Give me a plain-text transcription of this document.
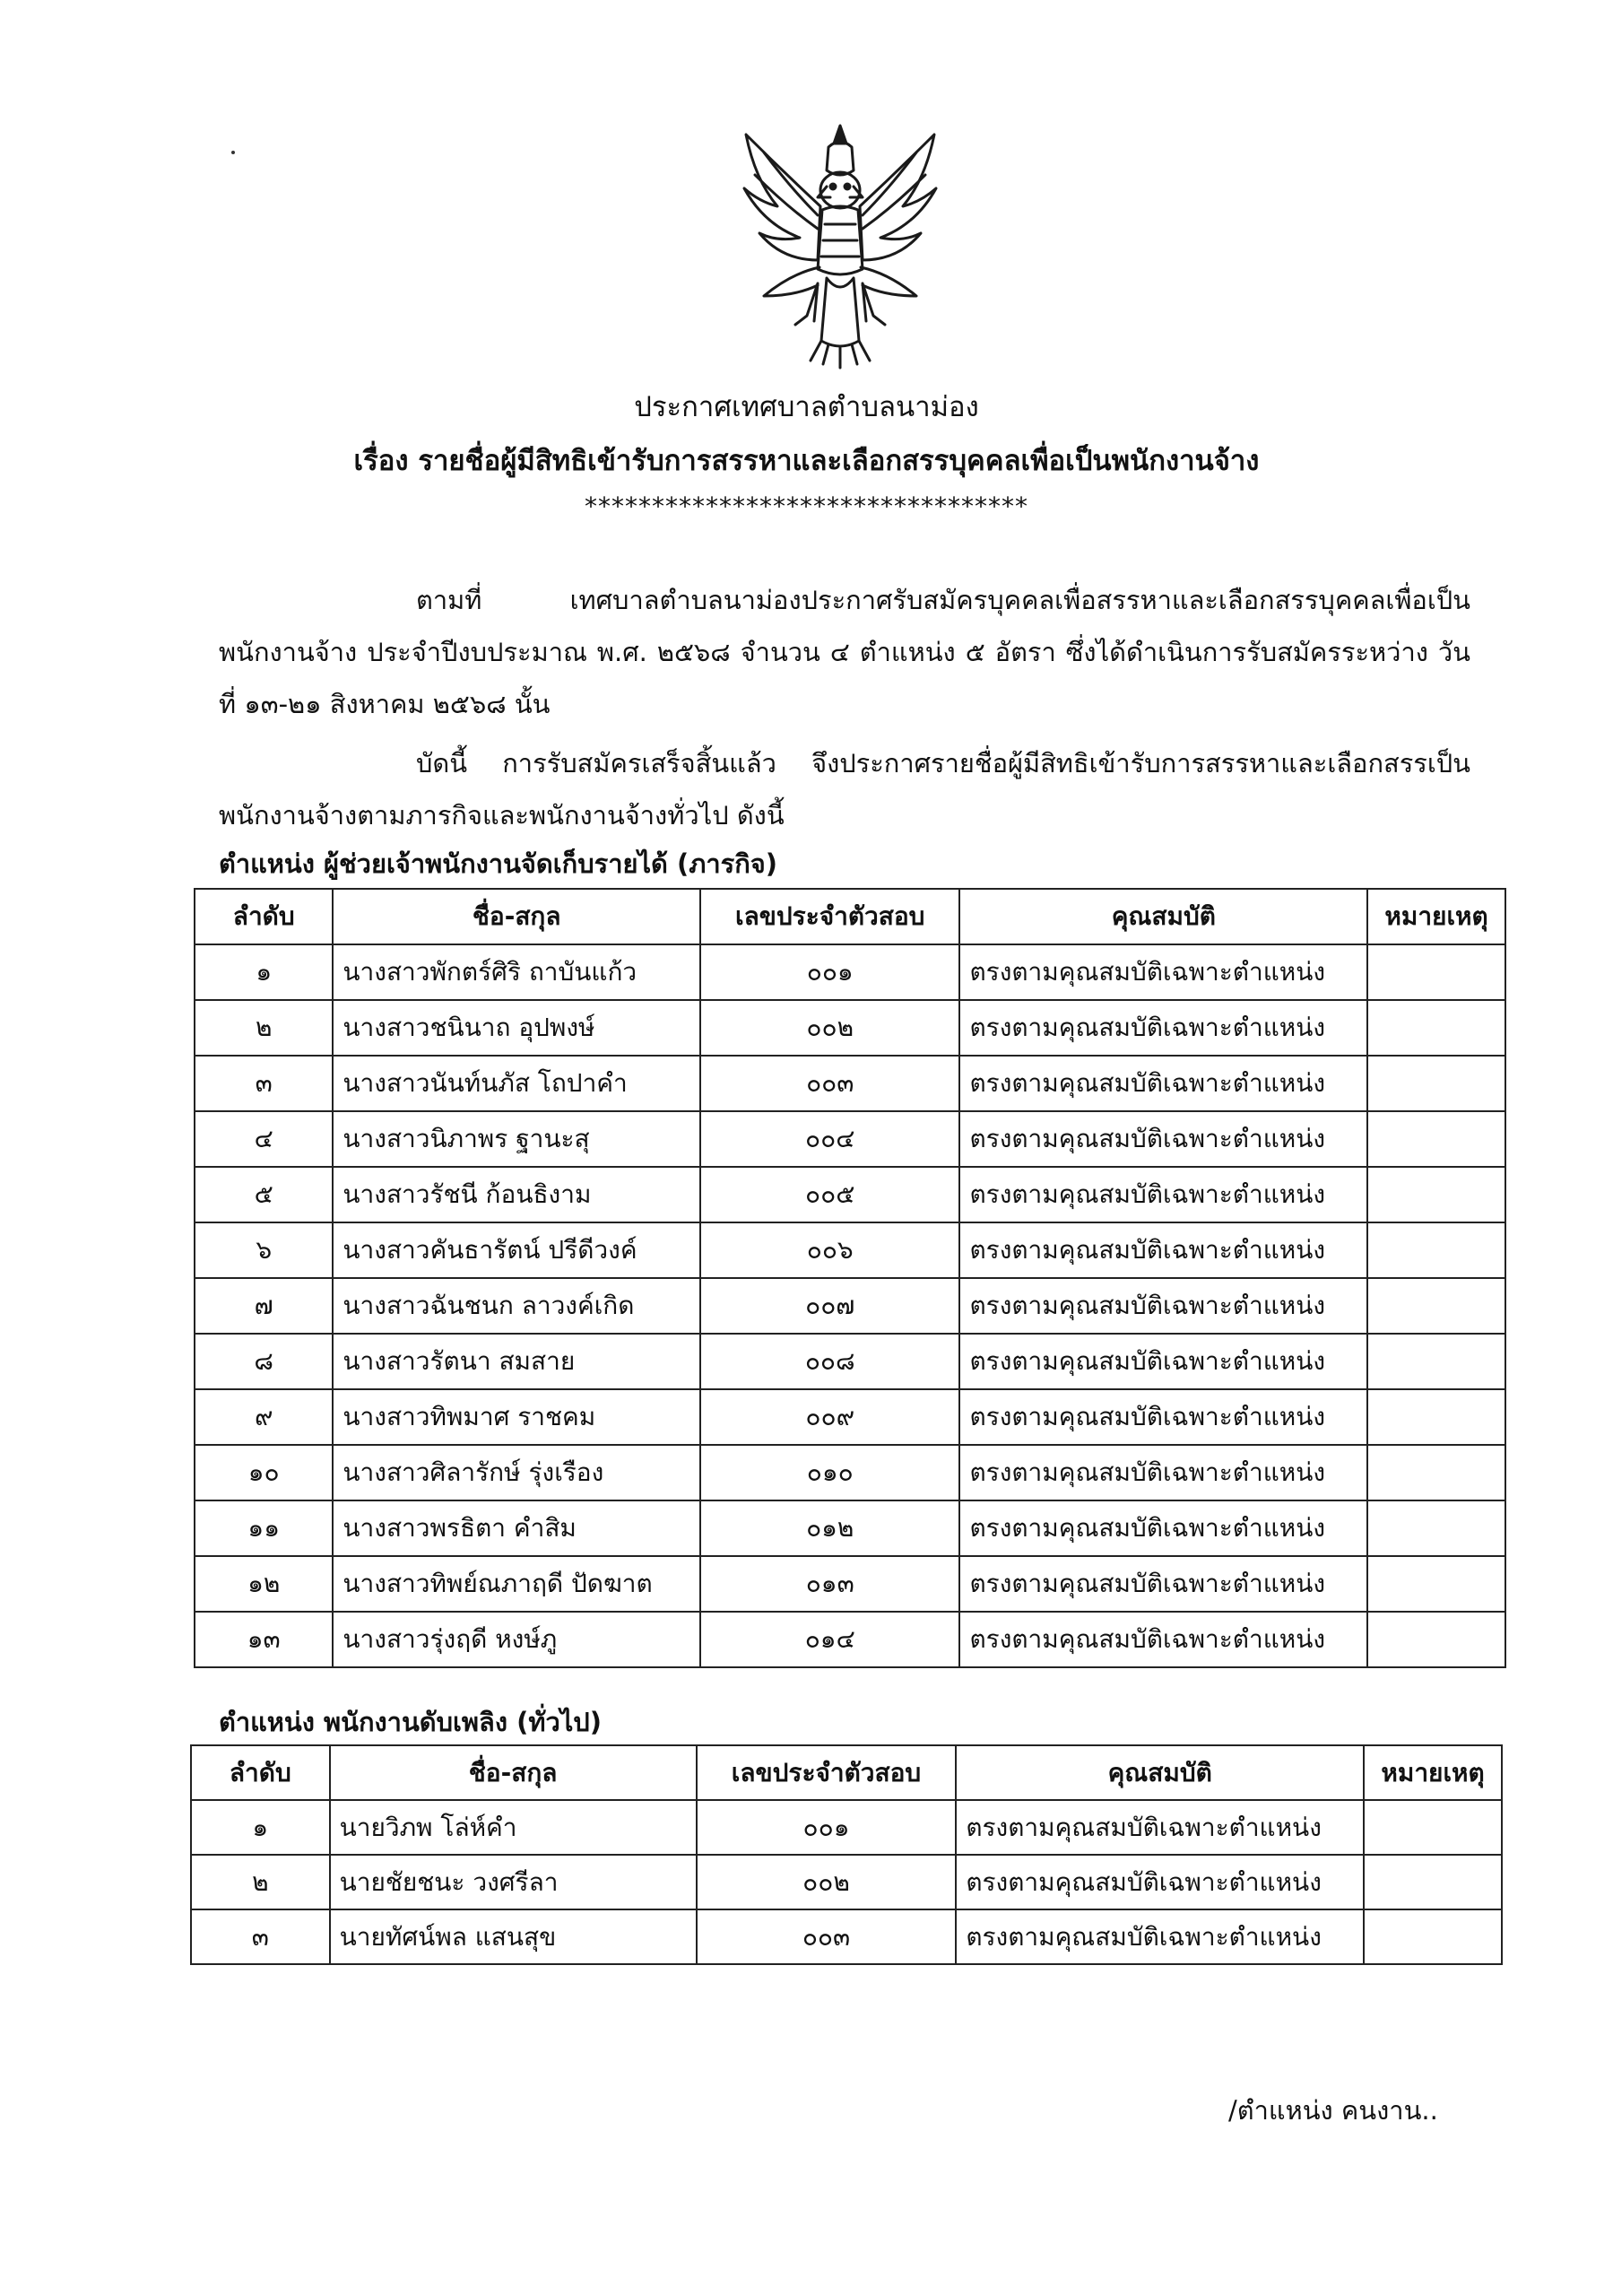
ประกาศเทศบาลตำบลนาม่อง
เรื่อง รายชื่อผู้มีสิทธิเข้ารับการสรรหาและเลือกสรรบุคคลเพื่อเป็นพนักงานจ้าง
*********************************
ตามที่ เทศบาลตำบลนาม่องประกาศรับสมัครบุคคลเพื่อสรรหาและเลือกสรรบุคคลเพื่อเป็น พนักงานจ้าง ประจำปีงบประมาณ พ.ศ. ๒๕๖๘ จำนวน ๔ ตำแหน่ง ๕ อัตรา ซึ่งได้ดำเนินการรับสมัครระหว่าง วันที่ ๑๓-๒๑ สิงหาคม ๒๕๖๘ นั้น
บัดนี้ การรับสมัครเสร็จสิ้นแล้ว จึงประกาศรายชื่อผู้มีสิทธิเข้ารับการสรรหาและเลือกสรรเป็น พนักงานจ้างตามภารกิจและพนักงานจ้างทั่วไป ดังนี้
ตำแหน่ง ผู้ช่วยเจ้าพนักงานจัดเก็บรายได้ (ภารกิจ)
ลำดับ	ชื่อ-สกุล	เลขประจำตัวสอบ	คุณสมบัติ	หมายเหตุ
๑	นางสาวพักตร์ศิริ ถาบันแก้ว	๐๐๑	ตรงตามคุณสมบัติเฉพาะตำแหน่ง	
๒	นางสาวชนินาถ อุปพงษ์	๐๐๒	ตรงตามคุณสมบัติเฉพาะตำแหน่ง	
๓	นางสาวนันท์นภัส โถปาคำ	๐๐๓	ตรงตามคุณสมบัติเฉพาะตำแหน่ง	
๔	นางสาวนิภาพร ฐานะสุ	๐๐๔	ตรงตามคุณสมบัติเฉพาะตำแหน่ง	
๕	นางสาวรัชนี ก้อนธิงาม	๐๐๕	ตรงตามคุณสมบัติเฉพาะตำแหน่ง	
๖	นางสาวคันธารัตน์ ปรีดีวงค์	๐๐๖	ตรงตามคุณสมบัติเฉพาะตำแหน่ง	
๗	นางสาวฉันชนก ลาวงค์เกิด	๐๐๗	ตรงตามคุณสมบัติเฉพาะตำแหน่ง	
๘	นางสาวรัตนา สมสาย	๐๐๘	ตรงตามคุณสมบัติเฉพาะตำแหน่ง	
๙	นางสาวทิพมาศ ราชคม	๐๐๙	ตรงตามคุณสมบัติเฉพาะตำแหน่ง	
๑๐	นางสาวศิลารักษ์ รุ่งเรือง	๐๑๐	ตรงตามคุณสมบัติเฉพาะตำแหน่ง	
๑๑	นางสาวพรธิตา คำสิม	๐๑๒	ตรงตามคุณสมบัติเฉพาะตำแหน่ง	
๑๒	นางสาวทิพย์ณภาฤดี ปัดฆาต	๐๑๓	ตรงตามคุณสมบัติเฉพาะตำแหน่ง	
๑๓	นางสาวรุ่งฤดี หงษ์ภู	๐๑๔	ตรงตามคุณสมบัติเฉพาะตำแหน่ง	
ตำแหน่ง พนักงานดับเพลิง (ทั่วไป)
ลำดับ	ชื่อ-สกุล	เลขประจำตัวสอบ	คุณสมบัติ	หมายเหตุ
๑	นายวิภพ โล่ห์คำ	๐๐๑	ตรงตามคุณสมบัติเฉพาะตำแหน่ง	
๒	นายชัยชนะ วงศรีลา	๐๐๒	ตรงตามคุณสมบัติเฉพาะตำแหน่ง	
๓	นายทัศน์พล แสนสุข	๐๐๓	ตรงตามคุณสมบัติเฉพาะตำแหน่ง	
/ตำแหน่ง คนงาน..
